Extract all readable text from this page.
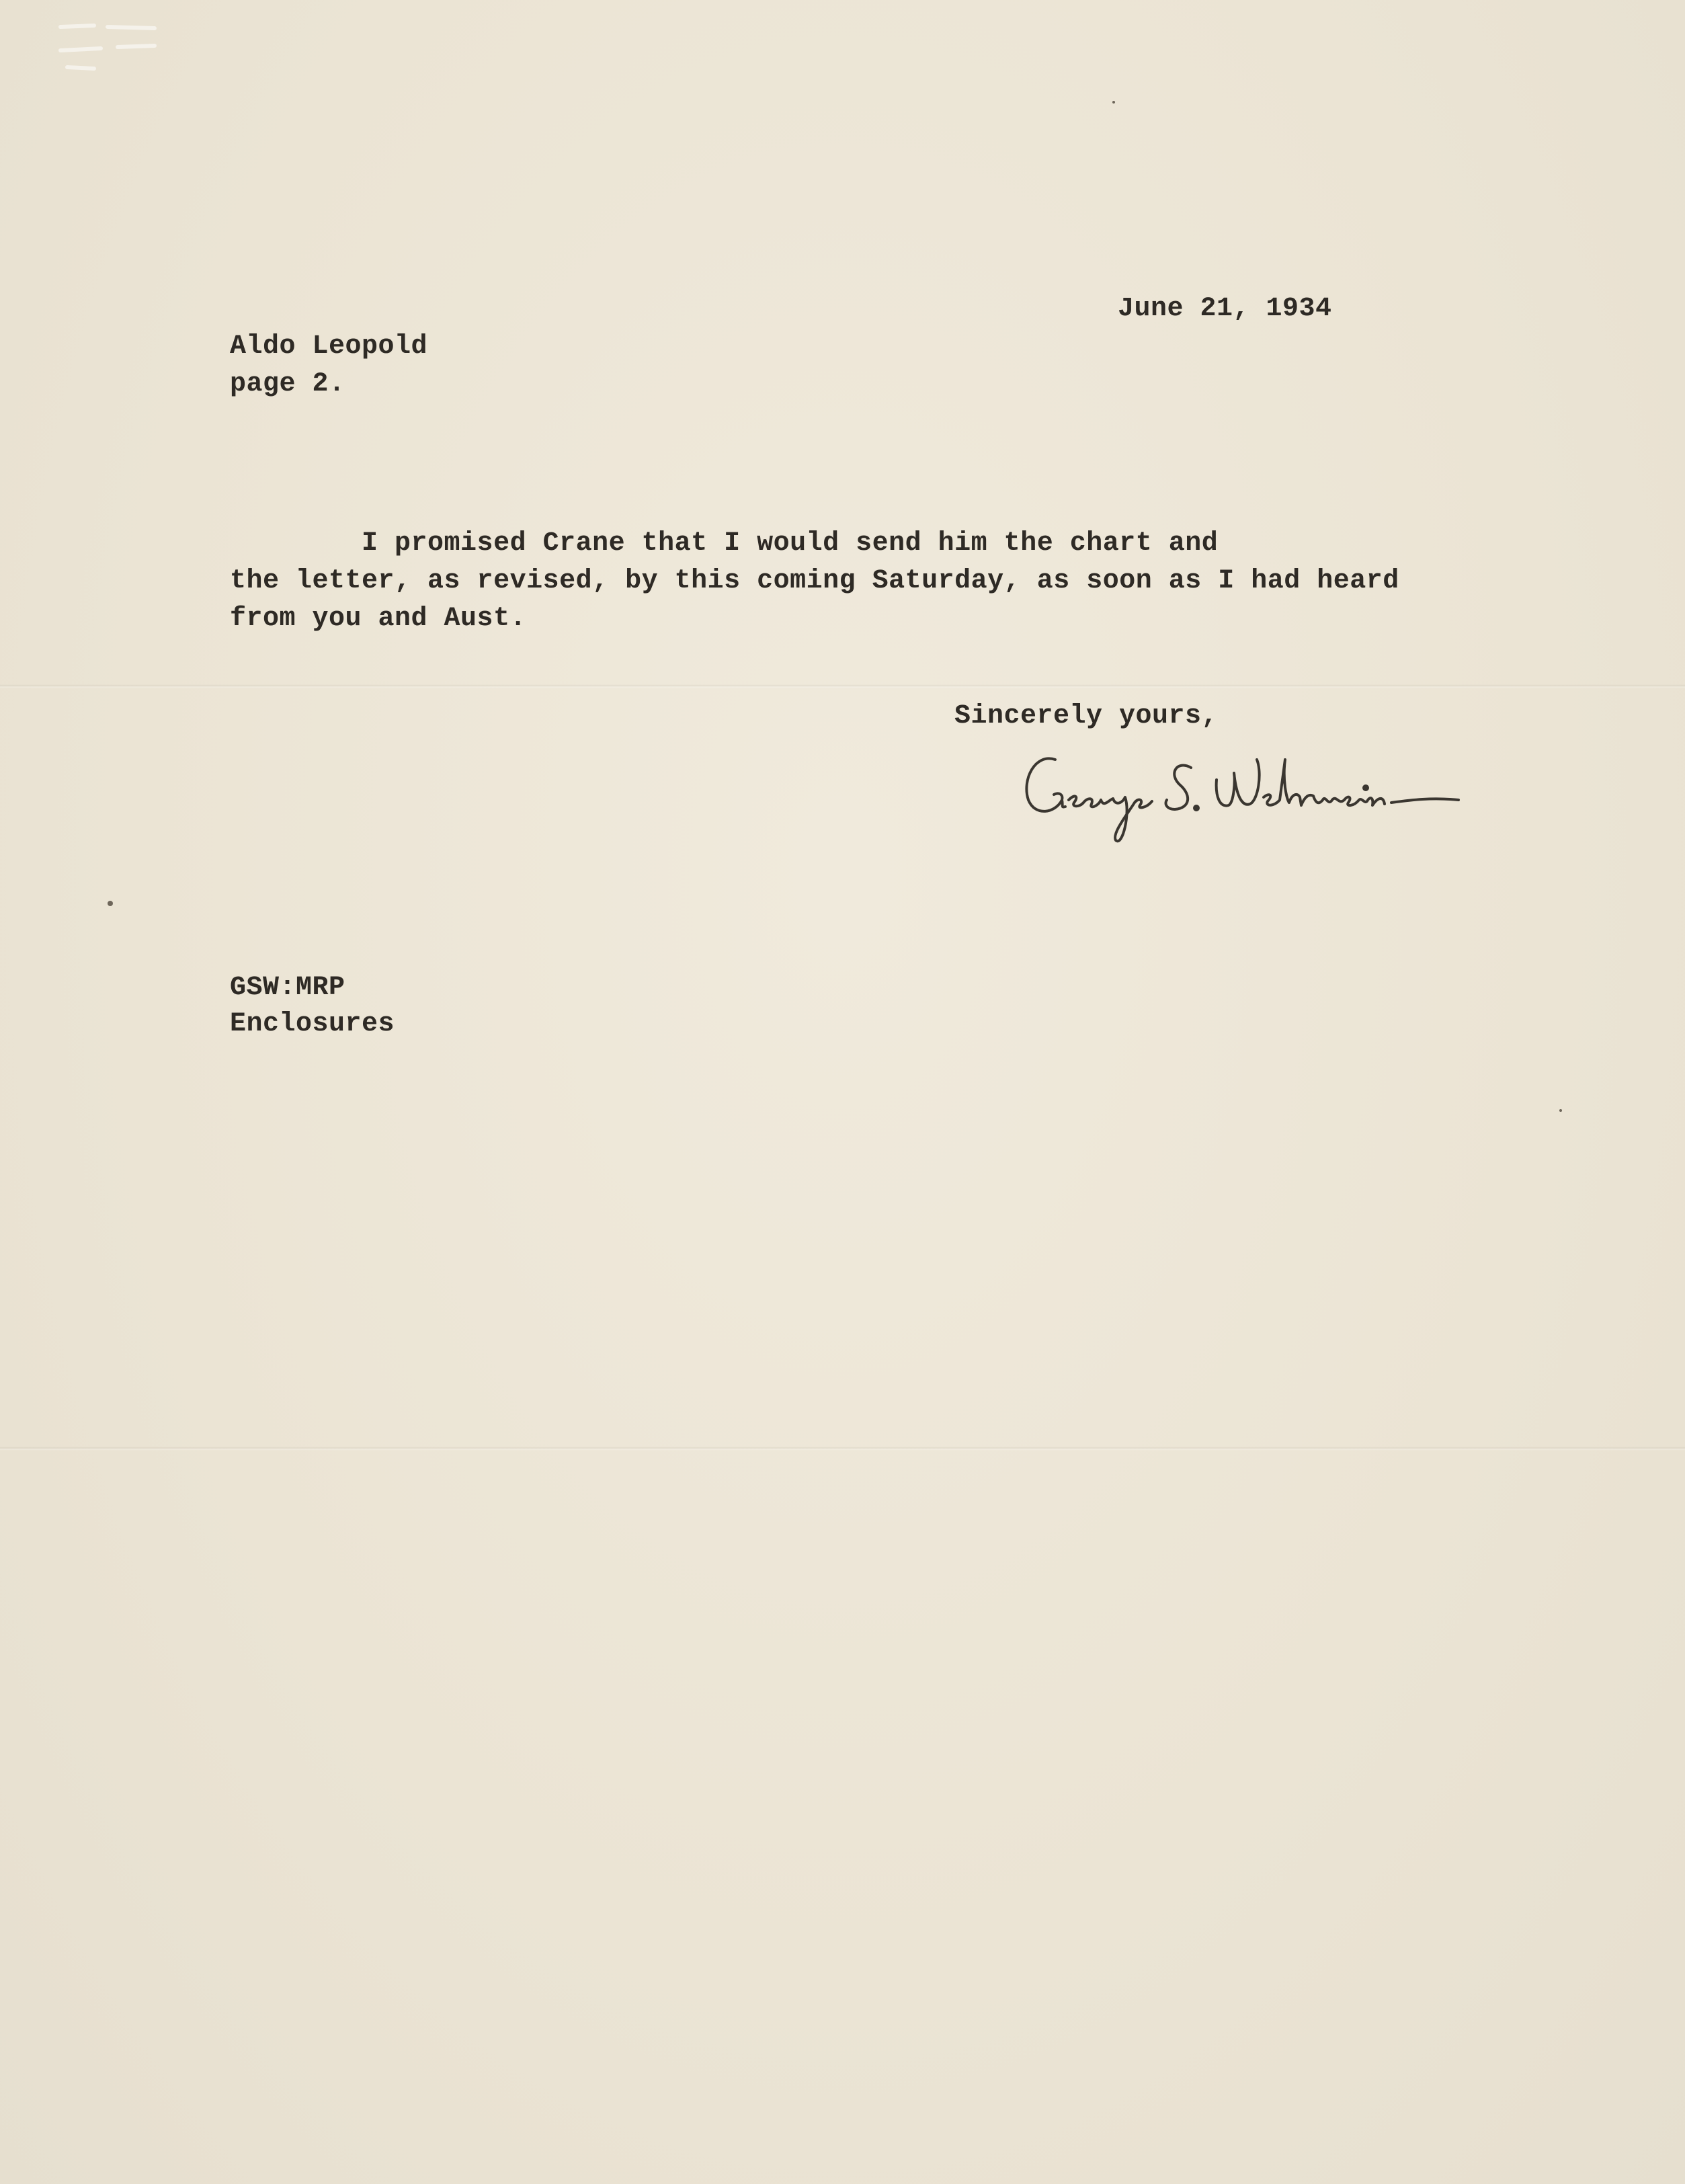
June 21, 1934
Aldo Leopold
page 2.
I promised Crane that I would send him the chart and
the letter, as revised, by this coming Saturday, as soon as I had heard
from you and Aust.
Sincerely yours,
GSW:MRP
Enclosures
